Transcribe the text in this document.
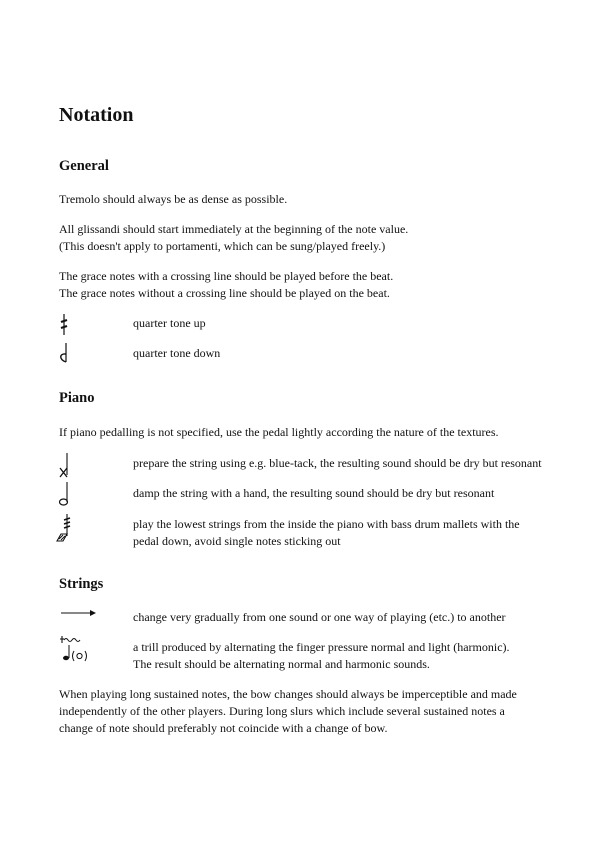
Notation
General

Tremolo should always be as dense as possible.

All glissandi should start immediately at the beginning of the note value.
(This doesn't apply to portamenti, which can be sung/played freely.)

The grace notes with a crossing line should be played before the beat.
The grace notes without a crossing line should be played on the beat.

quarter tone up
quarter tone down
Piano

If piano pedalling is not specified, use the pedal lightly according the nature of the textures.

prepare the string using e.g. blue-tack, the resulting sound should be dry but resonant
damp the string with a hand, the resulting sound should be dry but resonant

play the lowest strings from the inside the piano with bass drum mallets with the
pedal down, avoid single notes sticking out

Strings
change very gradually from one sound or one way of playing (etc.) to another

a trill produced by alternating the finger pressure normal and light (harmonic).
The result should be alternating normal and harmonic sounds.

When playing long sustained notes, the bow changes should always be imperceptible and made
independently of the other players. During long slurs which include several sustained notes a
change of note should preferably not coincide with a change of bow.
